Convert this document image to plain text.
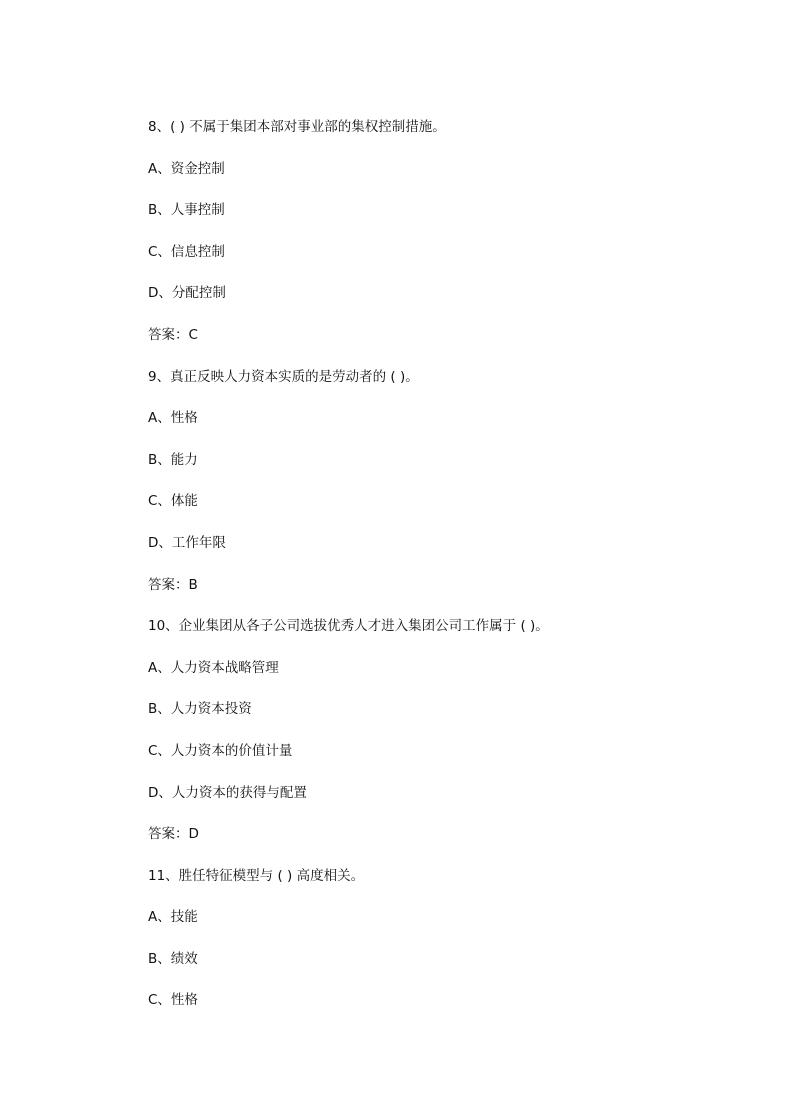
8、( ) 不属于集团本部对事业部的集权控制措施。
A、资金控制
B、人事控制
C、信息控制
D、分配控制
答案：C
9、真正反映人力资本实质的是劳动者的 ( )。
A、性格
B、能力
C、体能
D、工作年限
答案：B
10、企业集团从各子公司选拔优秀人才进入集团公司工作属于 ( )。
A、人力资本战略管理
B、人力资本投资
C、人力资本的价值计量
D、人力资本的获得与配置
答案：D
11、胜任特征模型与 ( ) 高度相关。
A、技能
B、绩效
C、性格
